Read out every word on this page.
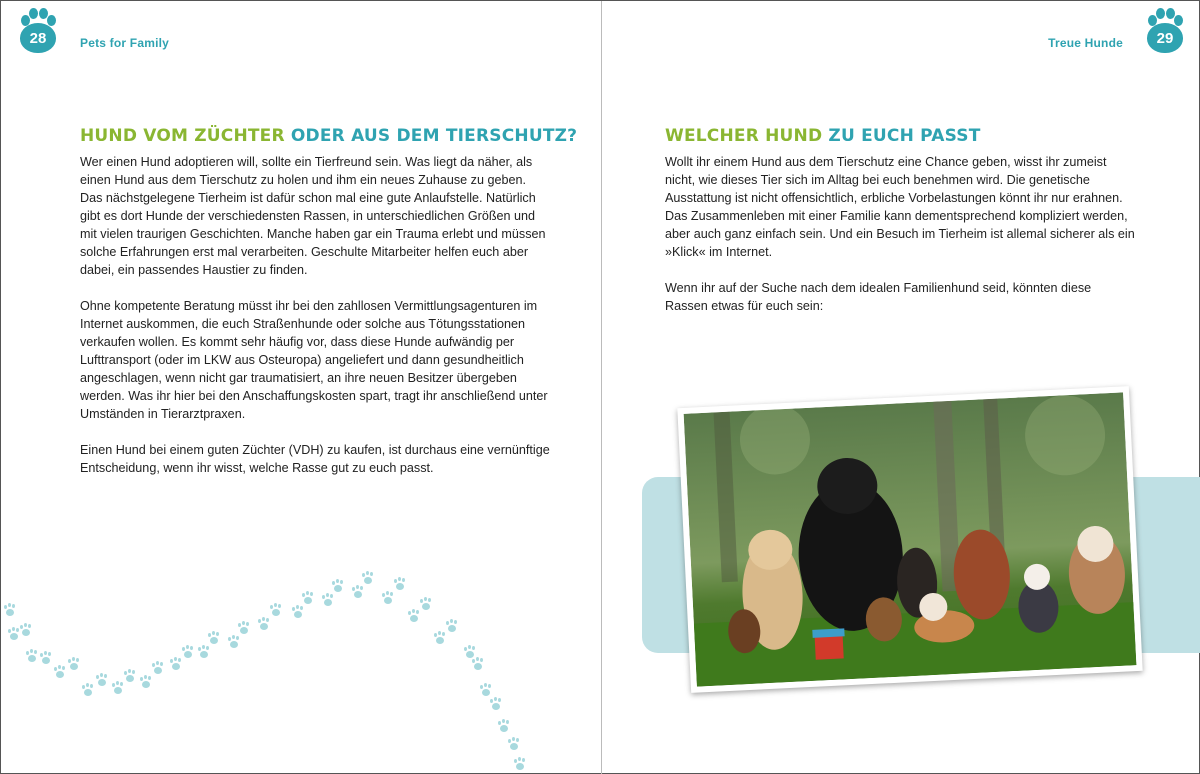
28	Pets for Family
HUND VOM ZÜCHTER ODER AUS DEM TIERSCHUTZ?

Wer einen Hund adoptieren will, sollte ein Tierfreund sein. Was liegt da näher, als einen Hund aus dem Tierschutz zu holen und ihm ein neues Zuhause zu geben. Das nächstgelegene Tierheim ist dafür schon mal eine gute Anlaufstelle. Natürlich gibt es dort Hunde der verschiedensten Rassen, in unterschiedlichen Größen und mit vielen traurigen Geschichten. Manche haben gar ein Trauma erlebt und müssen solche Erfahrungen erst mal verarbeiten. Geschulte Mitarbeiter helfen euch aber dabei, ein passendes Haustier zu finden.

Ohne kompetente Beratung müsst ihr bei den zahllosen Vermittlungsagenturen im Internet auskommen, die euch Straßenhunde oder solche aus Tötungsstationen verkaufen wollen. Es kommt sehr häufig vor, dass diese Hunde aufwändig per Lufttransport (oder im LKW aus Osteuropa) angeliefert und dann gesundheitlich angeschlagen, wenn nicht gar traumatisiert, an ihre neuen Besitzer übergeben werden. Was ihr hier bei den Anschaffungskosten spart, tragt ihr anschließend unter Umständen in Tierarztpraxen.

Einen Hund bei einem guten Züchter (VDH) zu kaufen, ist durchaus eine vernünftige Entscheidung, wenn ihr wisst, welche Rasse gut zu euch passt.

Treue Hunde	29
WELCHER HUND ZU EUCH PASST

Wollt ihr einem Hund aus dem Tierschutz eine Chance geben, wisst ihr zumeist nicht, wie dieses Tier sich im Alltag bei euch benehmen wird. Die genetische Ausstattung ist nicht offensichtlich, erbliche Vorbelastungen könnt ihr nur erahnen. Das Zusammenleben mit einer Familie kann dementsprechend kompliziert werden, aber auch ganz einfach sein. Und ein Besuch im Tierheim ist allemal sicherer als ein »Klick« im Internet.

Wenn ihr auf der Suche nach dem idealen Familienhund seid, könnten diese Rassen etwas für euch sein:
